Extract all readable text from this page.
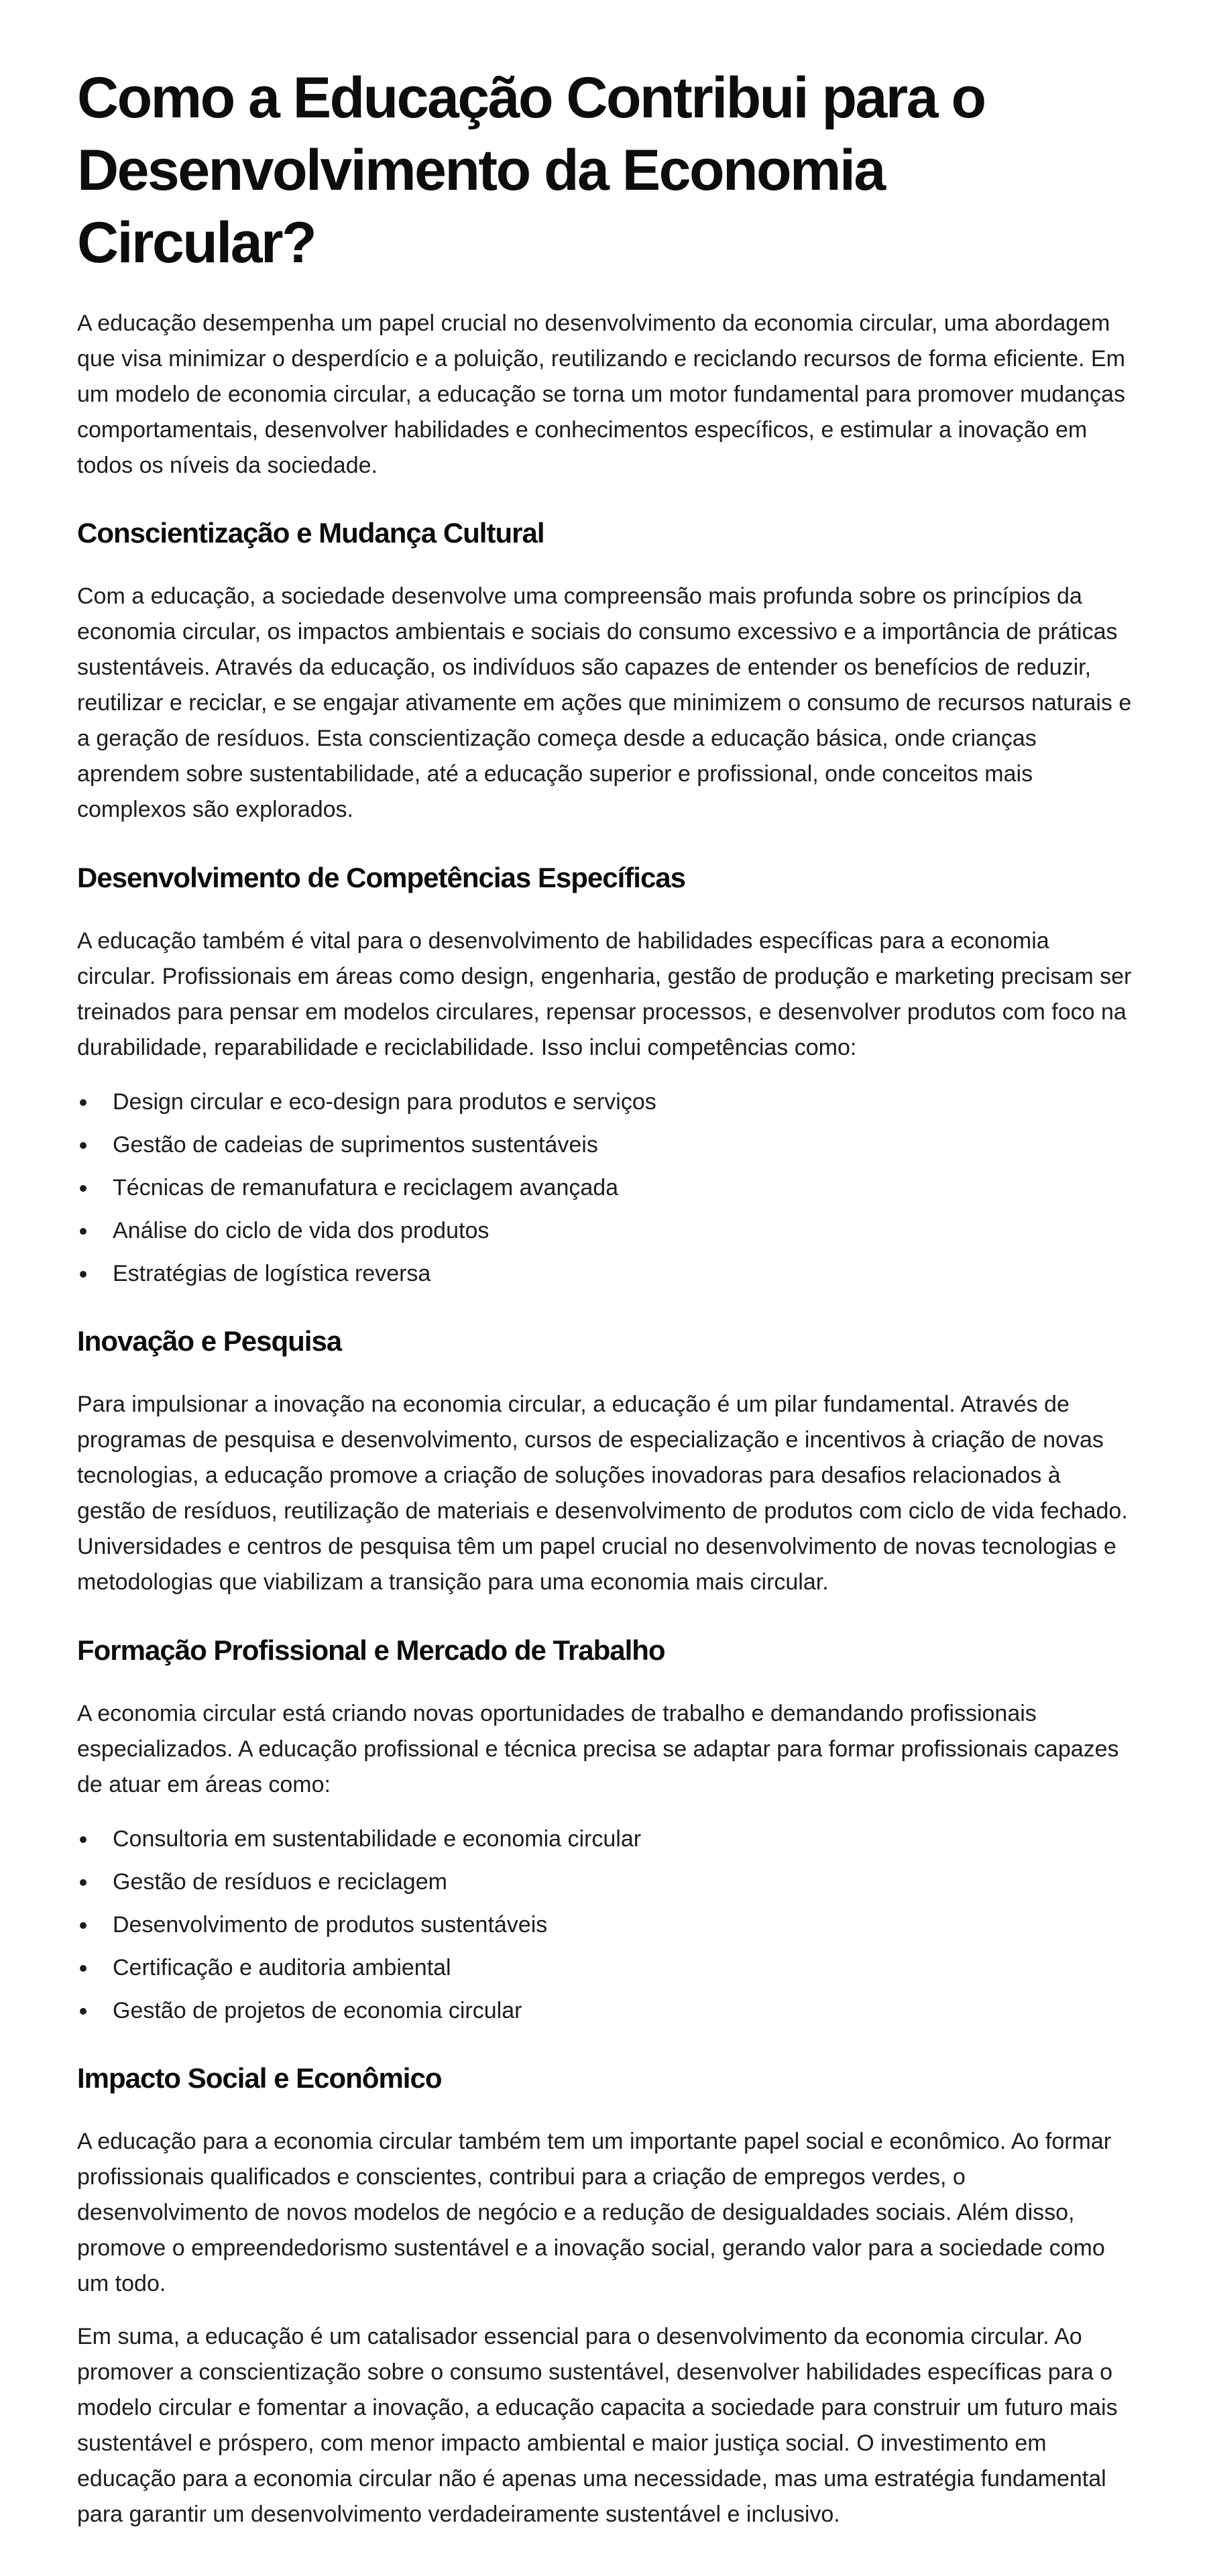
Como a Educação Contribui para o Desenvolvimento da Economia Circular?

A educação desempenha um papel crucial no desenvolvimento da economia circular, uma abordagem que visa minimizar o desperdício e a poluição, reutilizando e reciclando recursos de forma eficiente. Em um modelo de economia circular, a educação se torna um motor fundamental para promover mudanças comportamentais, desenvolver habilidades e conhecimentos específicos, e estimular a inovação em todos os níveis da sociedade.

Conscientização e Mudança Cultural

Com a educação, a sociedade desenvolve uma compreensão mais profunda sobre os princípios da economia circular, os impactos ambientais e sociais do consumo excessivo e a importância de práticas sustentáveis. Através da educação, os indivíduos são capazes de entender os benefícios de reduzir, reutilizar e reciclar, e se engajar ativamente em ações que minimizem o consumo de recursos naturais e a geração de resíduos. Esta conscientização começa desde a educação básica, onde crianças aprendem sobre sustentabilidade, até a educação superior e profissional, onde conceitos mais complexos são explorados.

Desenvolvimento de Competências Específicas

A educação também é vital para o desenvolvimento de habilidades específicas para a economia circular. Profissionais em áreas como design, engenharia, gestão de produção e marketing precisam ser treinados para pensar em modelos circulares, repensar processos, e desenvolver produtos com foco na durabilidade, reparabilidade e reciclabilidade. Isso inclui competências como:

Design circular e eco-design para produtos e serviços
Gestão de cadeias de suprimentos sustentáveis
Técnicas de remanufatura e reciclagem avançada
Análise do ciclo de vida dos produtos
Estratégias de logística reversa
Inovação e Pesquisa

Para impulsionar a inovação na economia circular, a educação é um pilar fundamental. Através de programas de pesquisa e desenvolvimento, cursos de especialização e incentivos à criação de novas tecnologias, a educação promove a criação de soluções inovadoras para desafios relacionados à gestão de resíduos, reutilização de materiais e desenvolvimento de produtos com ciclo de vida fechado. Universidades e centros de pesquisa têm um papel crucial no desenvolvimento de novas tecnologias e metodologias que viabilizam a transição para uma economia mais circular.

Formação Profissional e Mercado de Trabalho

A economia circular está criando novas oportunidades de trabalho e demandando profissionais especializados. A educação profissional e técnica precisa se adaptar para formar profissionais capazes de atuar em áreas como:

Consultoria em sustentabilidade e economia circular
Gestão de resíduos e reciclagem
Desenvolvimento de produtos sustentáveis
Certificação e auditoria ambiental
Gestão de projetos de economia circular
Impacto Social e Econômico

A educação para a economia circular também tem um importante papel social e econômico. Ao formar profissionais qualificados e conscientes, contribui para a criação de empregos verdes, o desenvolvimento de novos modelos de negócio e a redução de desigualdades sociais. Além disso, promove o empreendedorismo sustentável e a inovação social, gerando valor para a sociedade como um todo.

Em suma, a educação é um catalisador essencial para o desenvolvimento da economia circular. Ao promover a conscientização sobre o consumo sustentável, desenvolver habilidades específicas para o modelo circular e fomentar a inovação, a educação capacita a sociedade para construir um futuro mais sustentável e próspero, com menor impacto ambiental e maior justiça social. O investimento em educação para a economia circular não é apenas uma necessidade, mas uma estratégia fundamental para garantir um desenvolvimento verdadeiramente sustentável e inclusivo.
